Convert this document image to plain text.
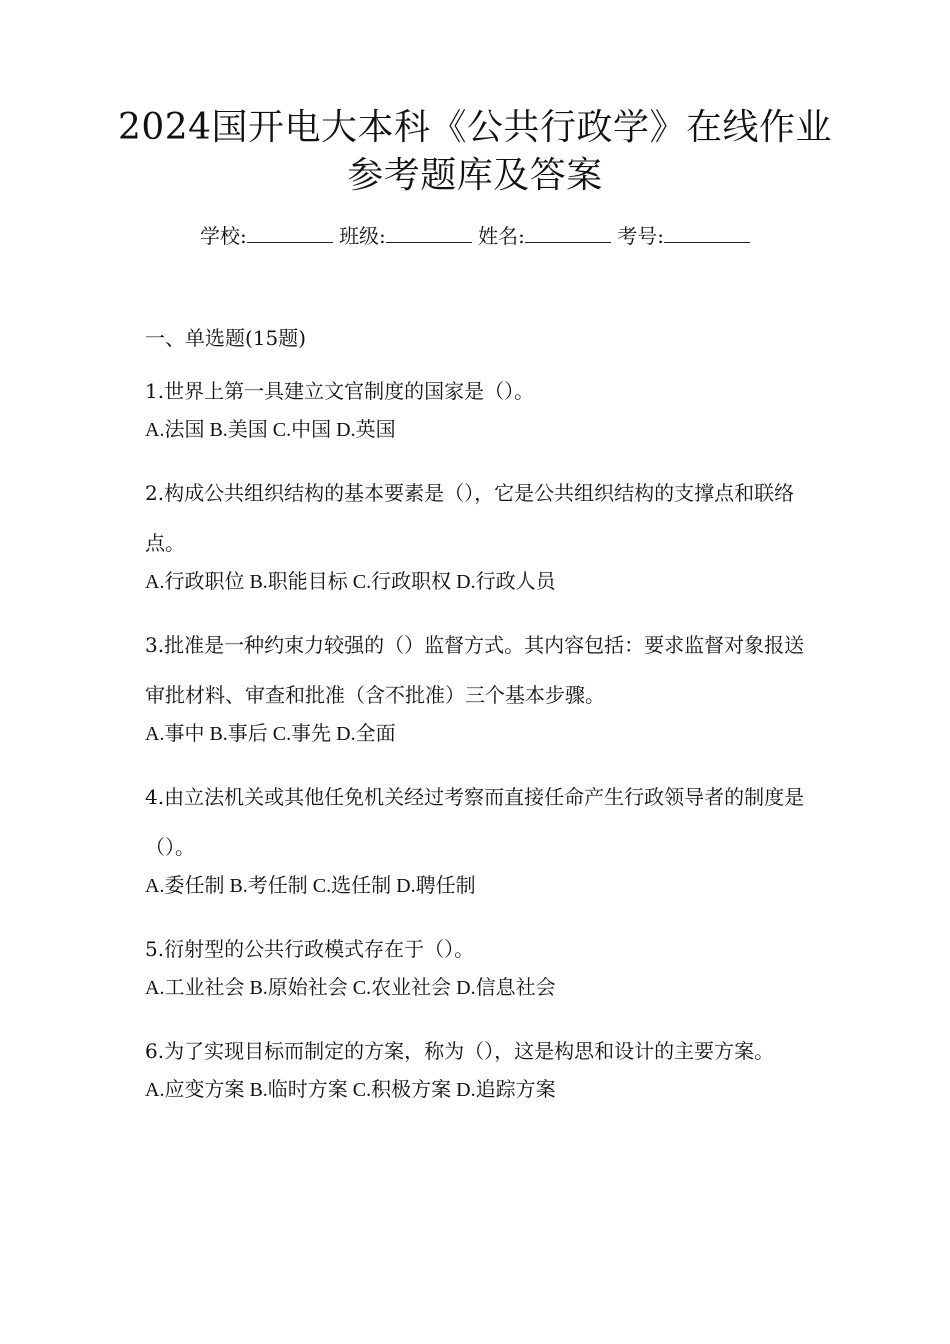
2024国开电大本科《公共行政学》在线作业
参考题库及答案
学校:	班级:	姓名:	考号:
一、单选题(15题)

1.世界上第一具建立文官制度的国家是（）。

A.法国 B.美国 C.中国 D.英国

2.构成公共组织结构的基本要素是（），它是公共组织结构的支撑点和联络点。

A.行政职位 B.职能目标 C.行政职权 D.行政人员

3.批准是一种约束力较强的（）监督方式。其内容包括：要求监督对象报送审批材料、审查和批准（含不批准）三个基本步骤。

A.事中 B.事后 C.事先 D.全面

4.由立法机关或其他任免机关经过考察而直接任命产生行政领导者的制度是（）。

A.委任制 B.考任制 C.选任制 D.聘任制

5.衍射型的公共行政模式存在于（）。

A.工业社会 B.原始社会 C.农业社会 D.信息社会

6.为了实现目标而制定的方案，称为（），这是构思和设计的主要方案。

A.应变方案 B.临时方案 C.积极方案 D.追踪方案
